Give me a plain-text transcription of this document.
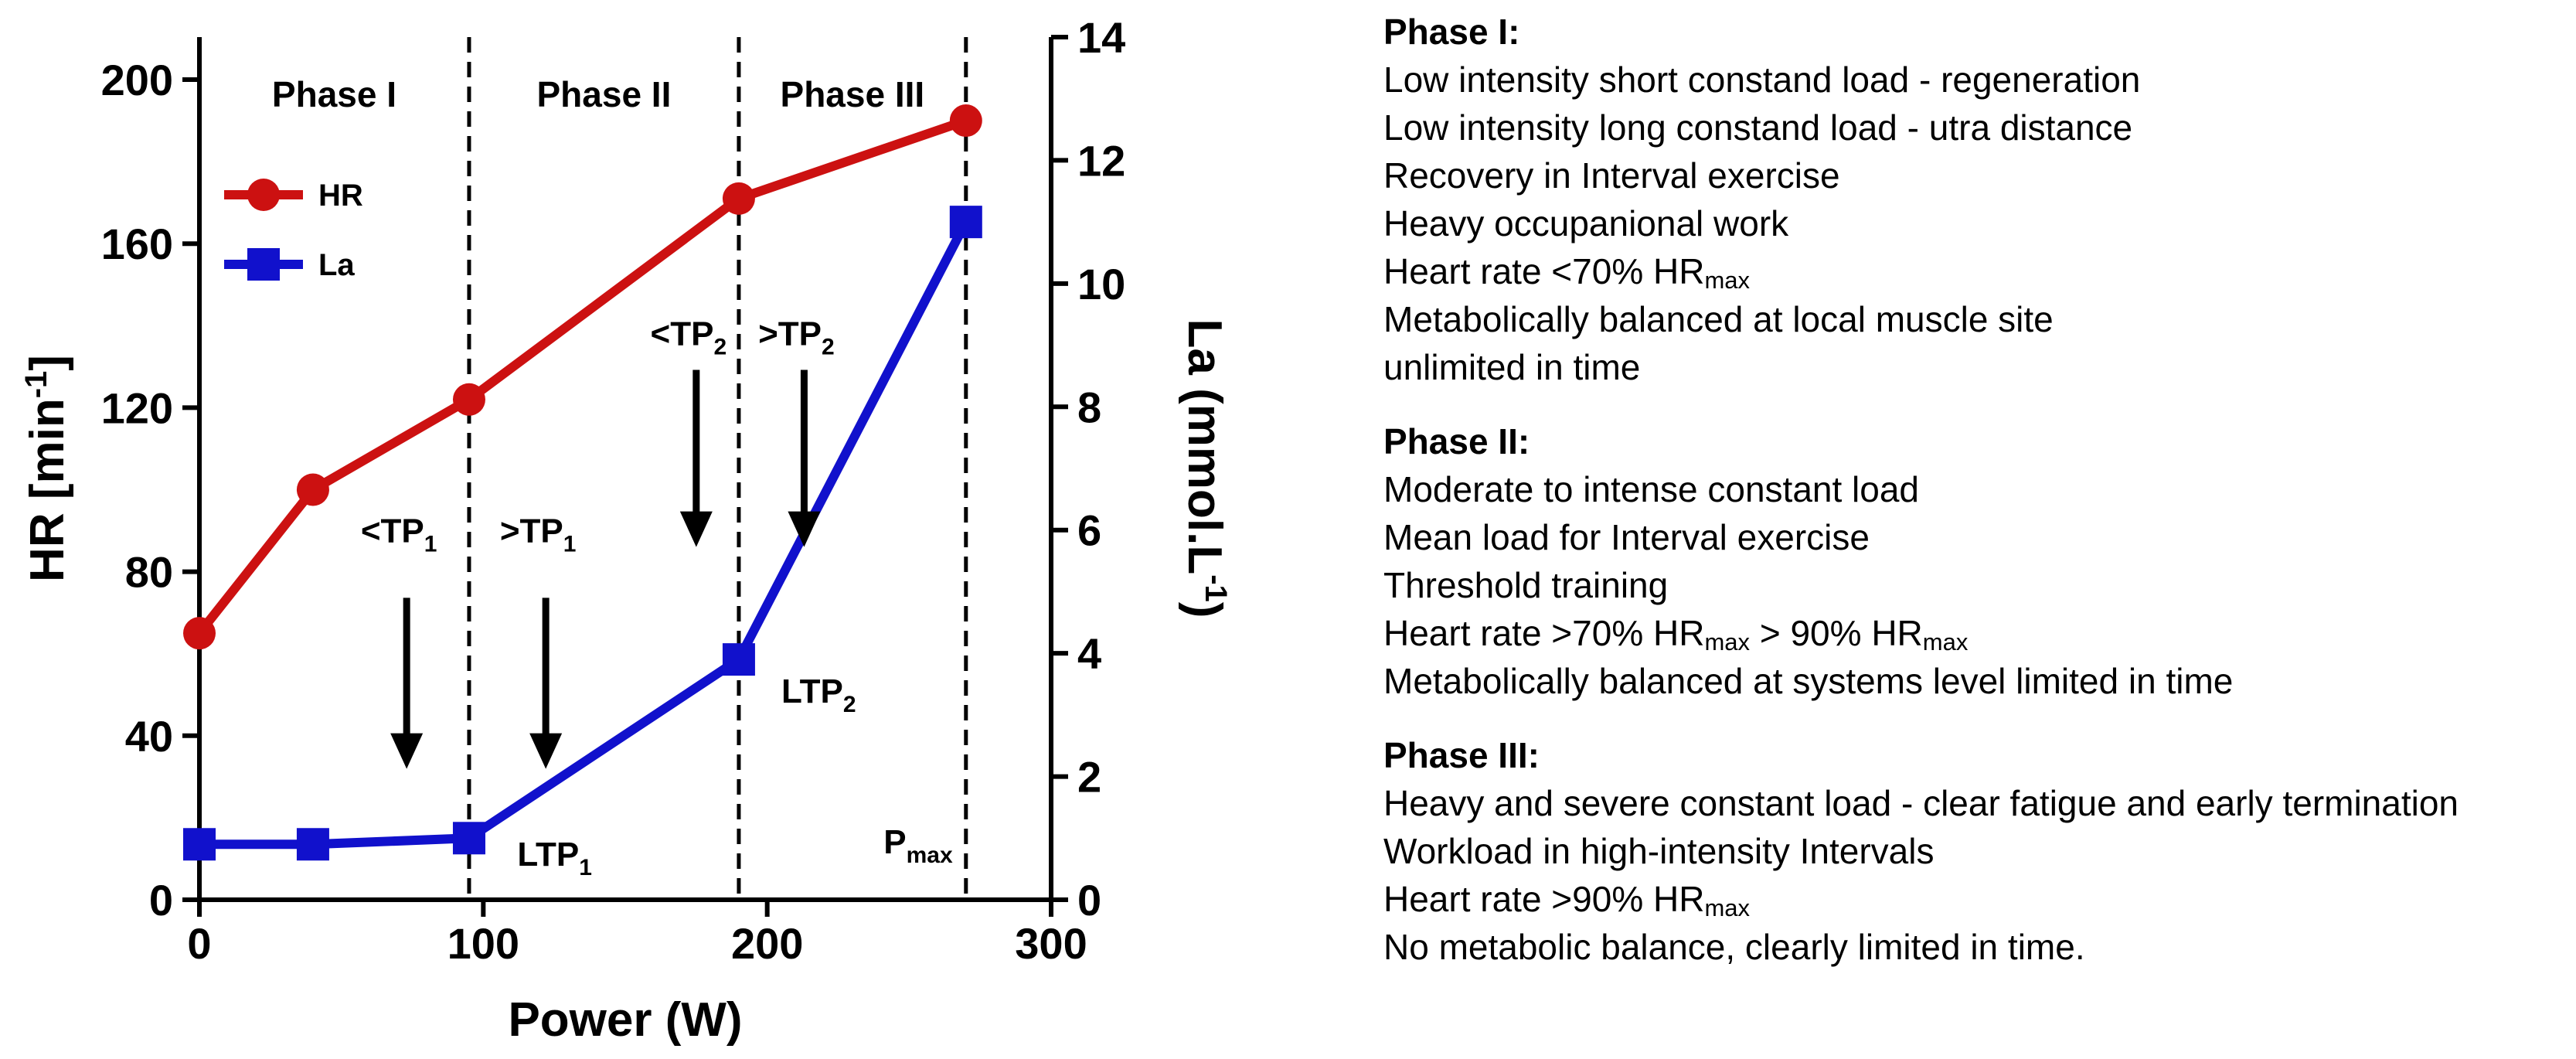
0	100	200	300
0
40
80
120
160
200
0
2
4
6
8
10
12
14
Power (W)
HR $[\min^{-1}]$	La $(mmol.L^{-1})$
Phase I	Phase II	Phase III
HR
La
$<TP_1 >TP_1$
$<TP_2 >TP_2$
$LTP_1$
$LTP_2$
$P_{max}$
Phase I:
Low intensity short constand load - regeneration
Low intensity long constand load - utra distance
Recovery in Interval exercise
Heavy occupanional work
Heart rate <70% $HR_{max}$
Metabolically balanced at local muscle site
unlimited in time
Phase II:
Moderate to intense constant load
Mean load for Interval exercise
Threshold training
Heart rate >70% $HR_{max} > 90\%$ $HR_{max}$
Metabolically balanced at systems level limited in time
Phase III:
Heavy and severe constant load - clear fatigue and early termination
Workload in high-intensity Intervals
Heart rate >90% $HR_{max}$
No metabolic balance, clearly limited in time.
